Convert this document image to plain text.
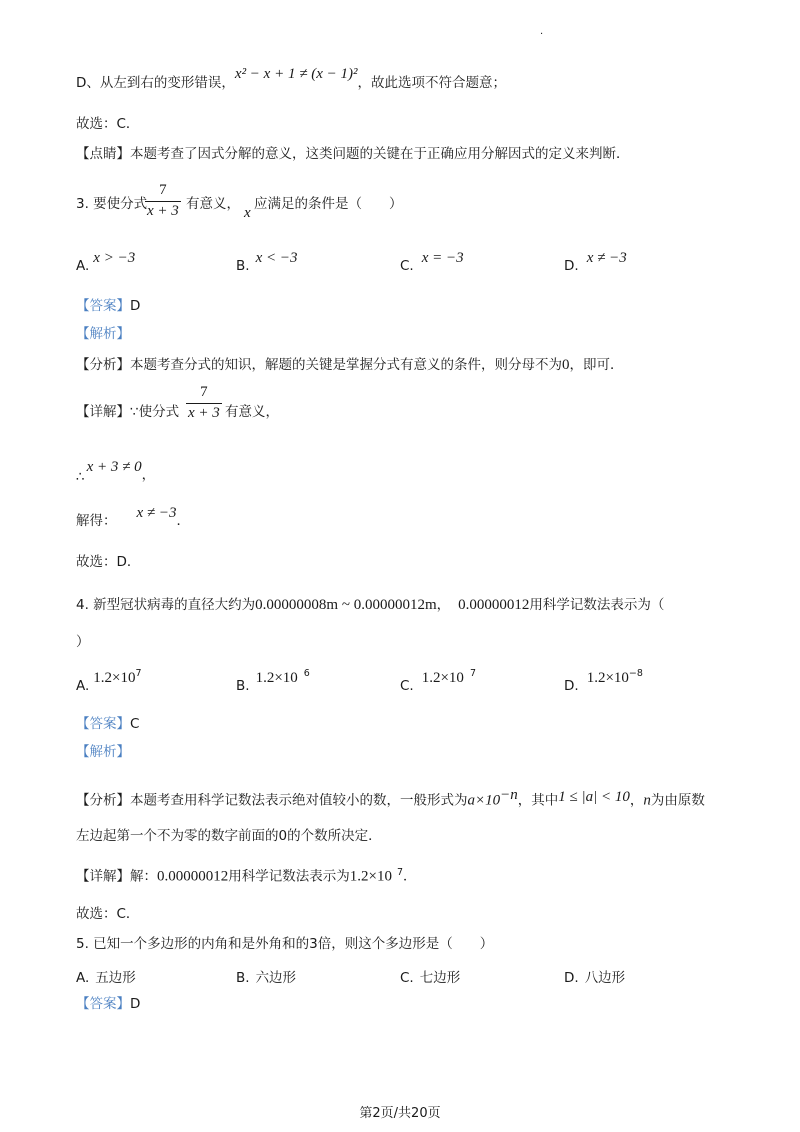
·
D、从左到右的变形错误，x² − x + 1 ≠ (x − 1)²，故此选项不符合题意；
故选：C．
【点睛】本题考查了因式分解的意义，这类问题的关键在于正确应用分解因式的定义来判断．
3. 要使分式
7
x + 3 有意义，
x
应满足的条件是（　　）
A. x > −3	B. x < −3	C. x = −3	D. x ≠ −3
【答案】D
【解析】
【分析】本题考查分式的知识，解题的关键是掌握分式有意义的条件，则分母不为0，即可．
【详解】∵使分式
7
x + 3 有意义，
∴x + 3 ≠ 0，
解得： x ≠ −3．
故选：D．
4. 新型冠状病毒的直径大约为0.00000008m ~ 0.00000012m， 0.00000012用科学记数法表示为（
）
A. $1.2\times 10^7$
B. 1.2×10 $^6$
C. 1.2×10 $^7$
D. $1.2\times 10^{-8}$
【答案】C
【解析】
【分析】本题考查用科学记数法表示绝对值较小的数，一般形式为$a\times 10^{-n}$，其中1 ≤ |a| < 10，n为由原数
左边起第一个不为零的数字前面的0的个数所决定．
【详解】解：0.00000012用科学记数法表示为1.2×10 $^7$．
故选：C．
5. 已知一个多边形的内角和是外角和的3倍，则这个多边形是（　　）
A. 五边形	B. 六边形	C. 七边形	D. 八边形
【答案】D
第2页/共20页
